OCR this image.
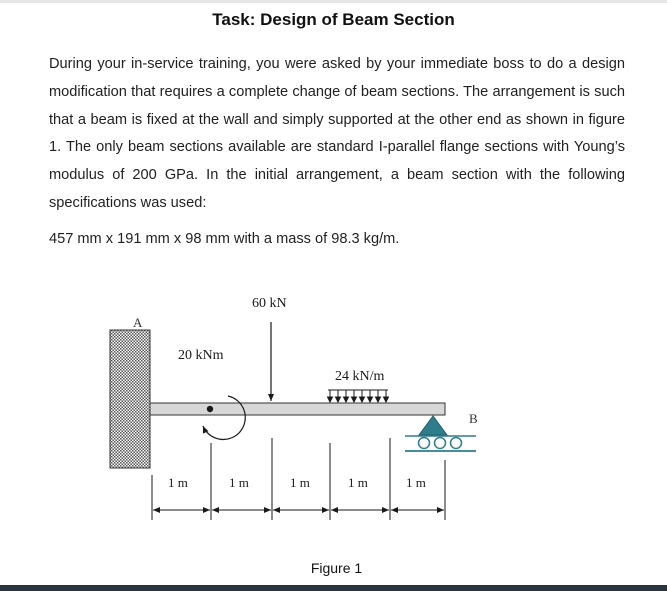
Task: Design of Beam Section

During your in-service training, you were asked by your immediate boss to do a design modification that requires a complete change of beam sections. The arrangement is such that a beam is fixed at the wall and simply supported at the other end as shown in figure 1. The only beam sections available are standard I-parallel flange sections with Young’s modulus of 200 GPa. In the initial arrangement, a beam section with the following specifications was used:

457 mm x 191 mm x 98 mm with a mass of 98.3 kg/m.

A
20 kNm
60 kN
24 kN/m
B
1 m	1 m	1 m	1 m	1 m
Figure 1
